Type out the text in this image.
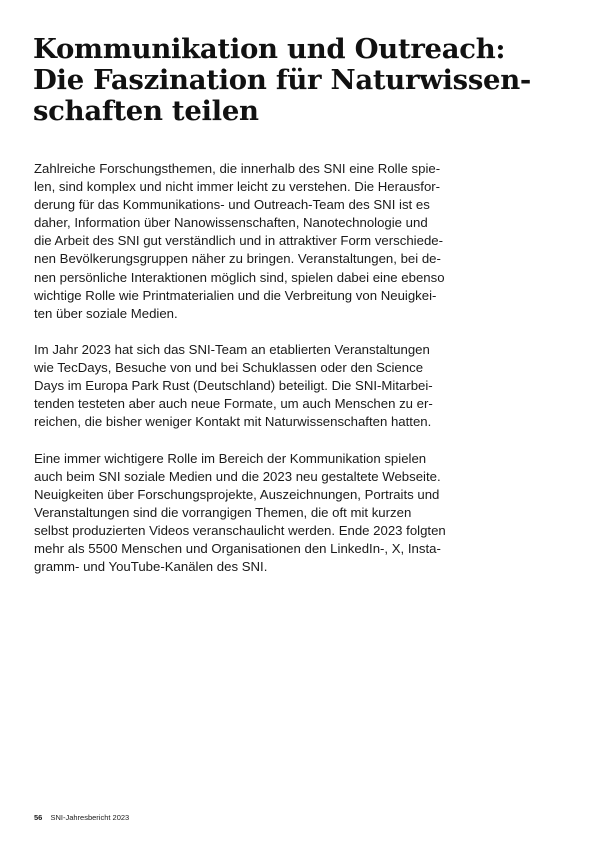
Kommunikation und Outreach:
Die Faszination für Naturwissen-
schaften teilen

Zahlreiche Forschungsthemen, die innerhalb des SNI eine Rolle spie-
len, sind komplex und nicht immer leicht zu verstehen. Die Herausfor-
derung für das Kommunikations- und Outreach-Team des SNI ist es
daher, Information über Nanowissenschaften, Nanotechnologie und
die Arbeit des SNI gut verständlich und in attraktiver Form verschiede-
nen Bevölkerungsgruppen näher zu bringen. Veranstaltungen, bei de-
nen persönliche Interaktionen möglich sind, spielen dabei eine ebenso
wichtige Rolle wie Printmaterialien und die Verbreitung von Neuigkei-
ten über soziale Medien.

Im Jahr 2023 hat sich das SNI-Team an etablierten Veranstaltungen
wie TecDays, Besuche von und bei Schuklassen oder den Science
Days im Europa Park Rust (Deutschland) beteiligt. Die SNI-Mitarbei-
tenden testeten aber auch neue Formate, um auch Menschen zu er-
reichen, die bisher weniger Kontakt mit Naturwissenschaften hatten.

Eine immer wichtigere Rolle im Bereich der Kommunikation spielen
auch beim SNI soziale Medien und die 2023 neu gestaltete Webseite.
Neuigkeiten über Forschungsprojekte, Auszeichnungen, Portraits und
Veranstaltungen sind die vorrangigen Themen, die oft mit kurzen
selbst produzierten Videos veranschaulicht werden. Ende 2023 folgten
mehr als 5500 Menschen und Organisationen den LinkedIn-, X, Insta-
gramm- und YouTube-Kanälen des SNI.

56 SNI-Jahresbericht 2023
